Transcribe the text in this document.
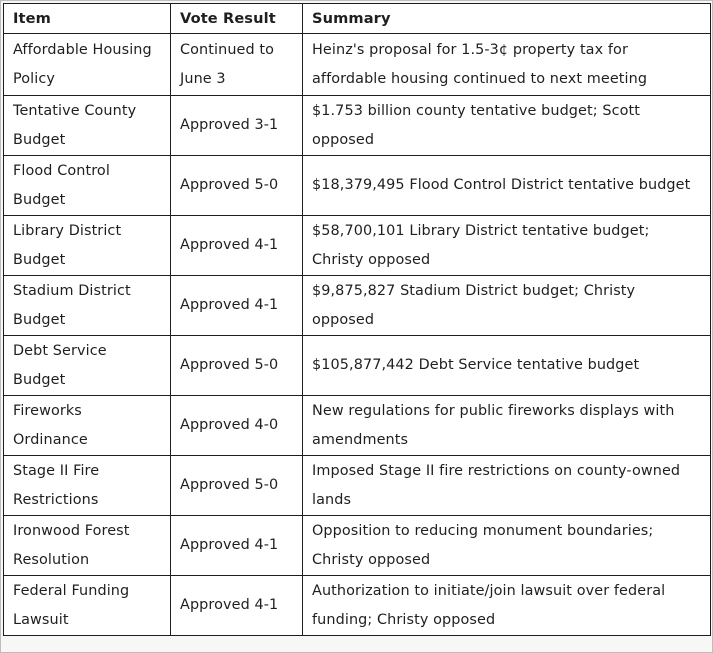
Item	Vote Result	Summary
Affordable Housing Policy	Continued to June 3	Heinz's proposal for 1.5-3¢ property tax for affordable housing continued to next meeting
Tentative County Budget	Approved 3-1	$1.753 billion county tentative budget; Scott opposed
Flood Control Budget	Approved 5-0	$18,379,495 Flood Control District tentative budget
Library District Budget	Approved 4-1	$58,700,101 Library District tentative budget; Christy opposed
Stadium District Budget	Approved 4-1	$9,875,827 Stadium District budget; Christy opposed
Debt Service Budget	Approved 5-0	$105,877,442 Debt Service tentative budget
Fireworks Ordinance	Approved 4-0	New regulations for public fireworks displays with amendments
Stage II Fire Restrictions	Approved 5-0	Imposed Stage II fire restrictions on county-owned lands
Ironwood Forest Resolution	Approved 4-1	Opposition to reducing monument boundaries; Christy opposed
Federal Funding Lawsuit	Approved 4-1	Authorization to initiate/join lawsuit over federal funding; Christy opposed
